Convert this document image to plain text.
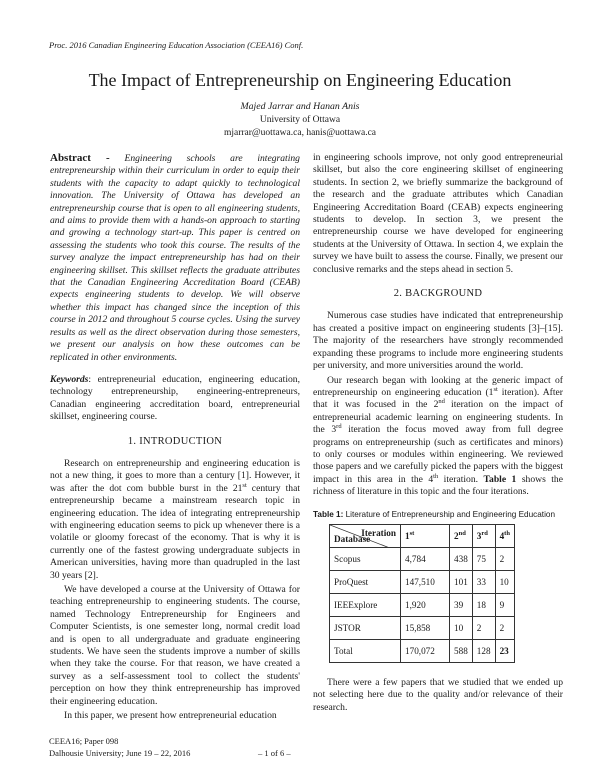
Proc. 2016 Canadian Engineering Education Association (CEEA16) Conf.
The Impact of Entrepreneurship on Engineering Education
Majed Jarrar and Hanan Anis
University of Ottawa
mjarrar@uottawa.ca, hanis@uottawa.ca

Abstract - Engineering schools are integrating entrepreneurship within their curriculum in order to equip their students with the capacity to adapt quickly to technological innovation. The University of Ottawa has developed an entrepreneurship course that is open to all engineering students, and aims to provide them with a hands-on approach to starting and growing a technology start-up. This paper is centred on assessing the students who took this course. The results of the survey analyze the impact entrepreneurship has had on their engineering skillset. This skillset reflects the graduate attributes that the Canadian Engineering Accreditation Board (CEAB) expects engineering students to develop. We will observe whether this impact has changed since the inception of this course in 2012 and throughout 5 course cycles. Using the survey results as well as the direct observation during those semesters, we present our analysis on how these outcomes can be replicated in other environments.

Keywords: entrepreneurial education, engineering education, technology entrepreneurship, engineering-entrepreneurs, Canadian engineering accreditation board, entrepreneurial skillset, engineering course.

1. INTRODUCTION

Research on entrepreneurship and engineering education is not a new thing, it goes to more than a century [1]. However, it was after the dot com bubble burst in the 21st century that entrepreneurship became a mainstream research topic in engineering education. The idea of integrating entrepreneurship with engineering education seems to pick up whenever there is a volatile or gloomy forecast of the economy. That is why it is currently one of the fastest growing undergraduate subjects in American universities, having more than quadrupled in the last 30 years [2].

We have developed a course at the University of Ottawa for teaching entrepreneurship to engineering students. The course, named Technology Entrepreneurship for Engineers and Computer Scientists, is one semester long, normal credit load and is open to all undergraduate and graduate engineering students. We have seen the students improve a number of skills when they take the course. For that reason, we have created a survey as a self-assessment tool to collect the students' perception on how they think entrepreneurship has improved their engineering education.

In this paper, we present how entrepreneurial education

in engineering schools improve, not only good entrepreneurial skillset, but also the core engineering skillset of engineering students. In section 2, we briefly summarize the background of the research and the graduate attributes which Canadian Engineering Accreditation Board (CEAB) expects engineering students to develop. In section 3, we present the entrepreneurship course we have developed for engineering students at the University of Ottawa. In section 4, we explain the survey we have built to assess the course. Finally, we present our conclusive remarks and the steps ahead in section 5.

2. BACKGROUND

Numerous case studies have indicated that entrepreneurship has created a positive impact on engineering students [3]–[15]. The majority of the researchers have strongly recommended expanding these programs to include more engineering students per university, and more universities around the world.

Our research began with looking at the generic impact of entrepreneurship on engineering education (1st iteration). After that it was focused in the 2nd iteration on the impact of entrepreneurial academic learning on engineering students. In the 3rd iteration the focus moved away from full degree programs on entrepreneurship (such as certificates and minors) to only courses or modules within engineering. We reviewed those papers and we carefully picked the papers with the biggest impact in this area in the 4th iteration. Table 1 shows the richness of literature in this topic and the four iterations.

Table 1: Literature of Entrepreneurship and Engineering Education
Iteration
Database	1st	2nd	3rd	4th
Scopus	4,784	438	75	2
ProQuest	147,510	101	33	10
IEEExplore	1,920	39	18	9
JSTOR	15,858	10	2	2
Total	170,072	588	128	23

There were a few papers that we studied that we ended up not selecting here due to the quality and/or relevance of their research.

CEEA16; Paper 098
Dalhousie University; June 19 – 22, 2016	– 1 of 6 –
